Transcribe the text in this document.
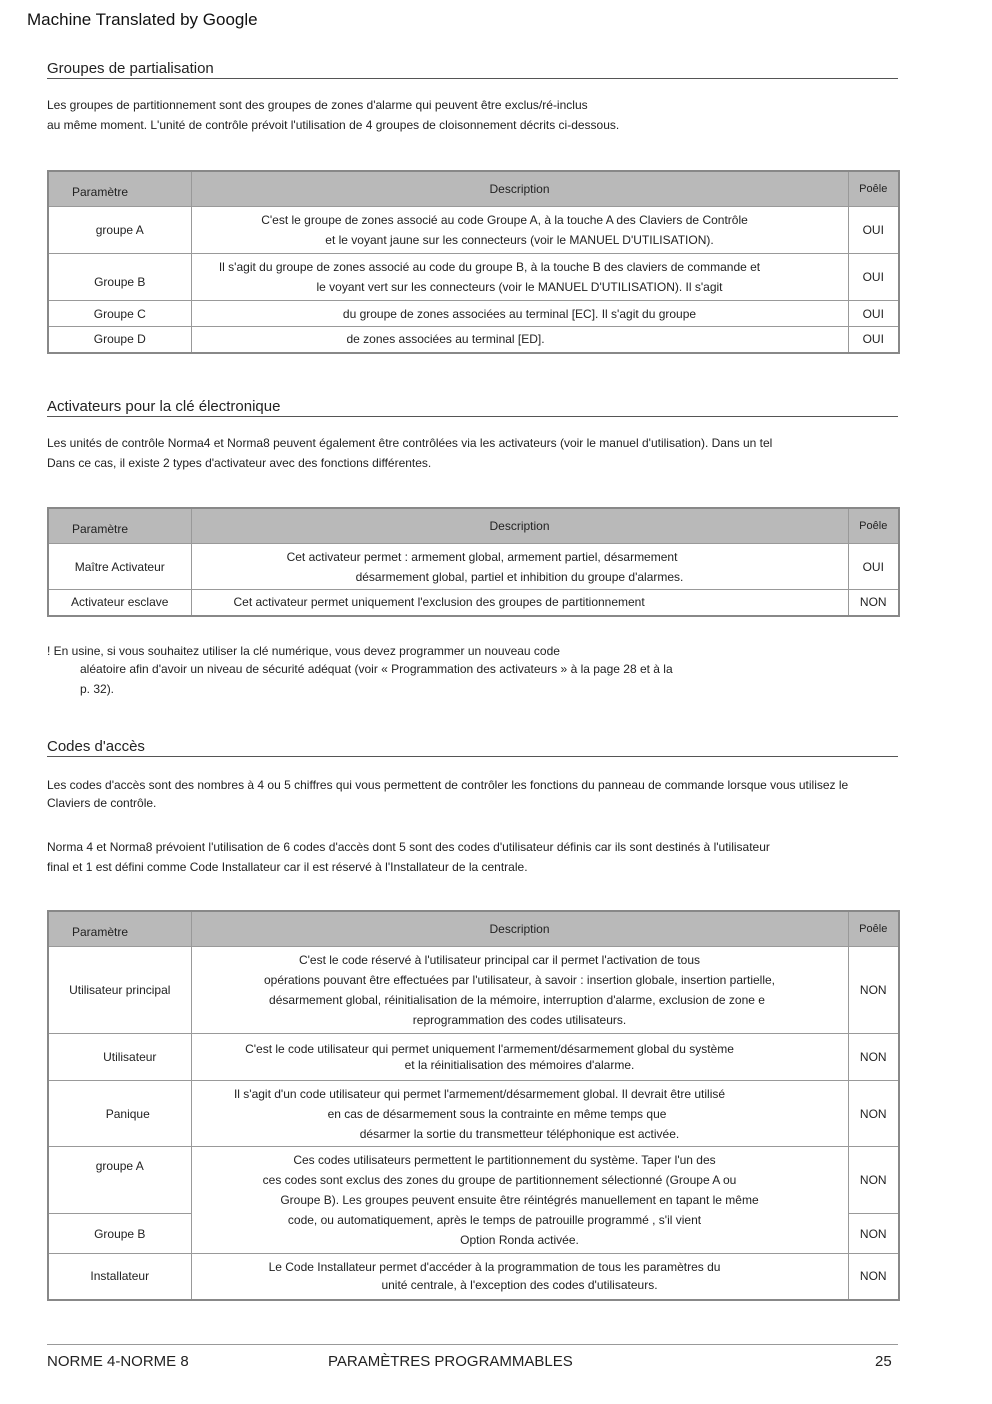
Machine Translated by Google
Groupes de partialisation
Les groupes de partitionnement sont des groupes de zones d'alarme qui peuvent être exclus/ré-inclus
au même moment. L'unité de contrôle prévoit l'utilisation de 4 groupes de cloisonnement décrits ci-dessous.
Paramètre	Description	Poêle
groupe A	C'est le groupe de zones associé au code Groupe A, à la touche A des Claviers de Contrôle
et le voyant jaune sur les connecteurs (voir le MANUEL D'UTILISATION).	OUI
Groupe B	Il s'agit du groupe de zones associé au code du groupe B, à la touche B des claviers de commande et
le voyant vert sur les connecteurs (voir le MANUEL D'UTILISATION). Il s'agit	OUI
Groupe C	du groupe de zones associées au terminal [EC]. Il s'agit du groupe	OUI
Groupe D	de zones associées au terminal [ED].	OUI
Activateurs pour la clé électronique
Les unités de contrôle Norma4 et Norma8 peuvent également être contrôlées via les activateurs (voir le manuel d'utilisation). Dans un tel
Dans ce cas, il existe 2 types d'activateur avec des fonctions différentes.
Paramètre	Description	Poêle
Maître Activateur	Cet activateur permet : armement global, armement partiel, désarmement
désarmement global, partiel et inhibition du groupe d'alarmes.	OUI
Activateur esclave	Cet activateur permet uniquement l'exclusion des groupes de partitionnement	NON
! En usine, si vous souhaitez utiliser la clé numérique, vous devez programmer un nouveau code
aléatoire afin d'avoir un niveau de sécurité adéquat (voir « Programmation des activateurs » à la page 28 et à la
p. 32).
Codes d'accès
Les codes d'accès sont des nombres à 4 ou 5 chiffres qui vous permettent de contrôler les fonctions du panneau de commande lorsque vous utilisez le
Claviers de contrôle.
Norma 4 et Norma8 prévoient l'utilisation de 6 codes d'accès dont 5 sont des codes d'utilisateur définis car ils sont destinés à l'utilisateur
final et 1 est défini comme Code Installateur car il est réservé à l'Installateur de la centrale.
Paramètre	Description	Poêle
Utilisateur principal	C'est le code réservé à l'utilisateur principal car il permet l'activation de tous
opérations pouvant être effectuées par l'utilisateur, à savoir : insertion globale, insertion partielle,
désarmement global, réinitialisation de la mémoire, interruption d'alarme, exclusion de zone e
reprogrammation des codes utilisateurs.	NON
Utilisateur	C'est le code utilisateur qui permet uniquement l'armement/désarmement global du système
et la réinitialisation des mémoires d'alarme.	NON
Panique	Il s'agit d'un code utilisateur qui permet l'armement/désarmement global. Il devrait être utilisé
en cas de désarmement sous la contrainte en même temps que
désarmer la sortie du transmetteur téléphonique est activée.	NON
groupe A	Ces codes utilisateurs permettent le partitionnement du système. Taper l'un des
ces codes sont exclus des zones du groupe de partitionnement sélectionné (Groupe A ou
Groupe B). Les groupes peuvent ensuite être réintégrés manuellement en tapant le même
code, ou automatiquement, après le temps de patrouille programmé , s'il vient
Option Ronda activée.	NON
Groupe B		NON
Installateur	Le Code Installateur permet d'accéder à la programmation de tous les paramètres du
unité centrale, à l'exception des codes d'utilisateurs.	NON
NORME 4-NORME 8	PARAMÈTRES PROGRAMMABLES	25
